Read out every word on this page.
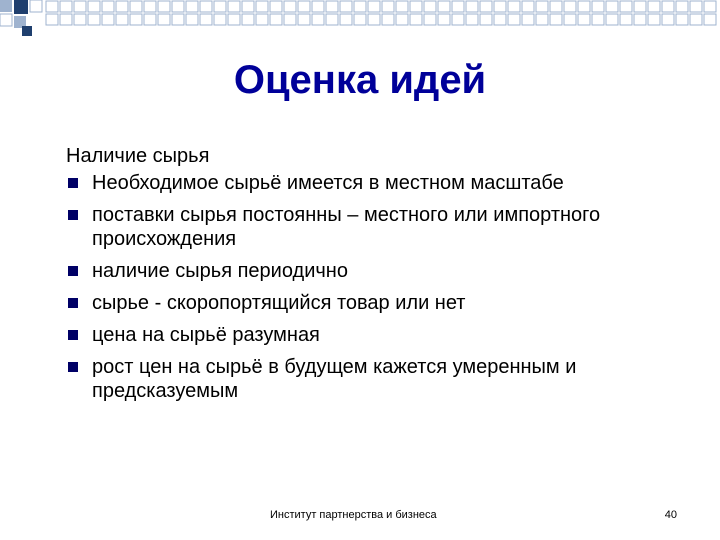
Оценка идей
Наличие сырья
Необходимое сырьё имеется в местном масштабе
поставки сырья постоянны – местного или импортного происхождения
наличие сырья периодично
сырье - скоропортящийся товар или нет
цена на сырьё разумная
рост цен на сырьё в будущем кажется умеренным и предсказуемым
Институт партнерства и бизнеса	40
